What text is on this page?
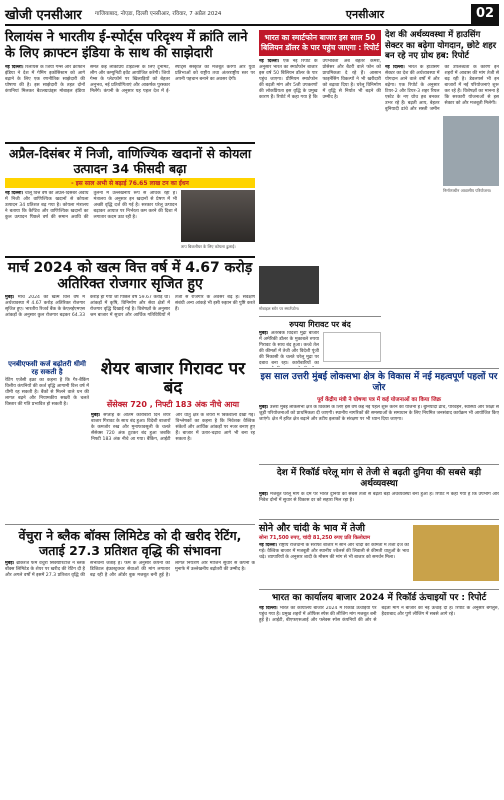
खोजी एनसीआर	गाजियाबाद, नोएडा, दिल्ली एनसीआर, रविवार, 7 अप्रैल 2024	एनसीआर	02
रिलायंस ने भारतीय ई-स्पोर्ट्स परिदृश्य में क्रांति लाने के लिए क्राफ्टन इंडिया के साथ की साझेदारी
नई दिल्ली। रिलायंस के जियो गेम्स और क्राफ्टन इंडिया ने देश में गेमिंग इकोसिस्टम को आगे बढ़ाने के लिए एक रणनीतिक साझेदारी की घोषणा की है। इस साझेदारी के तहत दोनों कंपनियां मिलकर बैटलग्राउंड्स मोबाइल इंडिया समेत कई लोकप्रिय टाइटल्स के लिए टूर्नामेंट, लीग और कम्युनिटी इवेंट आयोजित करेंगी। जियो गेम्स के प्लेटफॉर्म पर खिलाड़ियों को बेहतर अनुभव, नई प्रतियोगिताएं और आकर्षक पुरस्कार मिलेंगे। कंपनी के अनुसार यह पहल देश में ई-स्पोर्ट्स संस्कृति को मजबूत करेगी और युवा प्रतिभाओं को राष्ट्रीय तथा अंतरराष्ट्रीय स्तर पर अपनी पहचान बनाने का अवसर देगी।
अप्रैल-दिसंबर में निजी, वाणिज्यिक खदानों से कोयला उत्पादन 34 फीसदी बढ़ा
- इस साल अभी से बढ़ाई 76.65 लाख टन का ईंधन
नई दिल्ली। चालू वित्त वर्ष की अप्रैल-दिसंबर अवधि में निजी और वाणिज्यिक खदानों से कोयला उत्पादन 34 प्रतिशत बढ़ गया है। कोयला मंत्रालय ने बताया कि कैप्टिव और वाणिज्यिक खदानों का कुल उत्पादन पिछले वर्ष की समान अवधि की तुलना में उल्लेखनीय रूप से अधिक रहा है। मंत्रालय के अनुसार इन खदानों से प्रेषण में भी अच्छी वृद्धि दर्ज की गई है। सरकार घरेलू उत्पादन बढ़ाकर आयात पर निर्भरता कम करने की दिशा में लगातार कदम उठा रही है।
ताप बिजलीघर के लिए कोयला ढुलाई।
मार्च 2024 को खत्म वित्त वर्ष में 4.67 करोड़ अतिरिक्त रोजगार सृजित हुए
मुंबई। मार्च 2024 को खत्म वित्त वर्ष में अर्थव्यवस्था में 4.67 करोड़ अतिरिक्त रोजगार सृजित हुए। भारतीय रिजर्व बैंक के केएलईएमएस आंकड़ों के अनुसार कुल रोजगार बढ़कर 64.33 करोड़ हो गया जो पिछले वर्ष 59.67 करोड़ था। आंकड़ों में कृषि, विनिर्माण और सेवा क्षेत्रों में रोजगार वृद्धि दिखाई गई है। विशेषज्ञों के अनुसार श्रम बाजार में सुधार और आर्थिक गतिविधियों में तेजी से रोजगार के अवसर बढ़े हैं। सर्वेक्षण संबंधी अन्य आंकड़े भी इसी रुझान की पुष्टि करते हैं।
एनबीएफसी कर्ज बढ़ोतरी धीमी रह सकती है
रेटिंग एजेंसी इक्रा का कहना है कि गैर-बैंकिंग वित्तीय कंपनियों की कर्ज वृद्धि आगामी वित्त वर्ष में धीमी रह सकती है। बैंकों से मिलने वाले धन की लागत बढ़ने और नियामकीय सख्ती के चलते विस्तार की गति प्रभावित हो सकती है।
शेयर बाजार गिरावट पर बंद
सेंसेक्स 720 , निफ्टी 183 अंक नीचे आया
मुंबई। सप्ताह के अंतिम कारोबारी दिन शेयर बाजार गिरावट के साथ बंद हुआ। विदेशी बाजारों के कमजोर रुख और मुनाफावसूली के चलते सेंसेक्स 720 अंक टूटकर बंद हुआ जबकि निफ्टी 183 अंक नीचे आ गया। बैंकिंग, आईटी और धातु क्षेत्र के शेयरों में बिकवाली देखी गई। विश्लेषकों का कहना है कि निवेशक वैश्विक संकेतों और आर्थिक आंकड़ों पर नजर बनाए हुए हैं। बाजार में उतार-चढ़ाव आगे भी बना रह सकता है।
वेंचुरा ने ब्लैक बॉक्स लिमिटेड को दी खरीद रेटिंग, जताई 27.3 प्रतिशत वृद्धि की संभावना
मुंबई। ब्रोकरेज फर्म वेंचुरा सिक्योरिटीज ने ब्लैक बॉक्स लिमिटेड के शेयर पर खरीद की रेटिंग दी है और अगले वर्षों में इसमें 27.3 प्रतिशत वृद्धि की संभावना जताई है। फर्म के अनुसार कंपनी की डिजिटल इंफ्रास्ट्रक्चर सेवाओं की मांग लगातार बढ़ रही है और ऑर्डर बुक मजबूत बनी हुई है। लागत नियंत्रण और मार्जिन सुधार से कंपनी के मुनाफे में उल्लेखनीय बढ़ोतरी की उम्मीद है।
भारत का स्मार्टफोन बाजार इस साल 50 बिलियन डॉलर के पार पहुंच जाएगा : रिपोर्ट
नई दिल्ली। एक नई रिपोर्ट के अनुसार भारत का स्मार्टफोन बाजार इस वर्ष 50 बिलियन डॉलर के पार पहुंच जाएगा। प्रीमियम स्मार्टफोन की बढ़ती मांग और 5जी उपकरणों की लोकप्रियता इस वृद्धि के प्रमुख कारण हैं। रिपोर्ट में कहा गया है कि उपभोक्ता अब बेहतर कैमरा, प्रोसेसर और बैटरी वाले फोन को प्राथमिकता दे रहे हैं। आसान फाइनेंसिंग विकल्पों ने भी खरीदारी को बढ़ावा दिया है। घरेलू विनिर्माण में वृद्धि से निर्यात भी बढ़ने की उम्मीद है।
मोबाइल स्टोर पर स्मार्टफोन।
रुपया गिरावट पर बंद
मुंबई। अंतरबैंक विदेशी मुद्रा बाजार में अमेरिकी डॉलर के मुकाबले रुपया गिरावट के साथ बंद हुआ। कच्चे तेल की कीमतों में तेजी और विदेशी पूंजी की निकासी के चलते घरेलू मुद्रा पर दबाव बना रहा। कारोबारियों का
देश की अर्थव्यवस्था में हाउसिंग सेक्टर का बढ़ेगा योगदान, छोटे शहर बन रहे नए ग्रोथ हब: रिपोर्ट
नई दिल्ली। भारत के हाउसिंग सेक्टर का देश की अर्थव्यवस्था में योगदान आने वाले वर्षों में और बढ़ेगा। एक रिपोर्ट के अनुसार टियर-2 और टियर-3 शहर रियल एस्टेट के नए ग्रोथ हब बनकर उभर रहे हैं। बढ़ती आय, बेहतर बुनियादी ढांचे और सस्ती जमीन की उपलब्धता के कारण इन शहरों में आवास की मांग तेजी से बढ़ रही है। डेवलपर्स भी इन बाजारों में नई परियोजनाएं शुरू कर रहे हैं। विशेषज्ञों का मानना है कि सरकारी योजनाओं से इस सेक्टर को और मजबूती मिलेगी।
निर्माणाधीन आवासीय परियोजना।
इस साल उत्तरी मुंबई लोकसभा क्षेत्र के विकास में नई महत्वपूर्ण पहलों पर जोर
पूर्व केंद्रीय मंत्री ने घोषणा पत्र में कई योजनाओं का किया जिक्र
मुंबई। उत्तरी मुंबई लोकसभा क्षेत्र के विकास के लिए इस वर्ष कई नई पहलें शुरू करने की योजना है। बुनियादी ढांचे, परिवहन, स्वास्थ्य और शिक्षा से जुड़ी परियोजनाओं को प्राथमिकता दी जाएगी। स्थानीय नागरिकों की समस्याओं के समाधान के लिए नियमित जनसंवाद कार्यक्रम भी आयोजित किए जाएंगे। क्षेत्र में हरित क्षेत्र बढ़ाने और तटीय इलाकों के संरक्षण पर भी ध्यान दिया जाएगा।
देश में रिकॉर्ड घरेलू मांग से तेजी से बढ़ती दुनिया की सबसे बड़ी अर्थव्यवस्था
मुंबई। मजबूत घरेलू मांग के दम पर भारत दुनिया की सबसे तेजी से बढ़ती बड़ी अर्थव्यवस्था बना हुआ है। रिपोर्ट में कहा गया है कि उपभोग और निवेश दोनों में सुधार से विकास दर को सहारा मिल रहा है।
सोने और चांदी के भाव में तेजी
सोना 71,500 रुपए, चांदी 81,250 रुपए प्रति किलोग्राम
नई दिल्ली। राष्ट्रीय राजधानी के सर्राफा बाजार में सोने और चांदी की कीमतों में तेजी दर्ज की गई। वैश्विक बाजार में मजबूती और स्थानीय ज्वैलर्स की लिवाली से कीमती धातुओं के भाव चढ़े। व्यापारियों के अनुसार शादी के मौसम की मांग से भी बाजार को समर्थन मिला।
भारत का कार्यालय बाजार 2024 में रिकॉर्ड ऊंचाइयों पर : रिपोर्ट
नई दिल्ली। भारत का कार्यालय बाजार 2024 में रिकॉर्ड ऊंचाइयों पर पहुंच गया है। प्रमुख शहरों में ऑफिस स्पेस की लीजिंग मांग मजबूत बनी हुई है। आईटी, बीएफएसआई और फ्लेक्स स्पेस कंपनियों की ओर से बढ़ती मांग ने बाजार को नई ऊंचाई दी है। रिपोर्ट के अनुसार बेंगलुरु, हैदराबाद और पुणे लीजिंग में सबसे आगे रहे।
